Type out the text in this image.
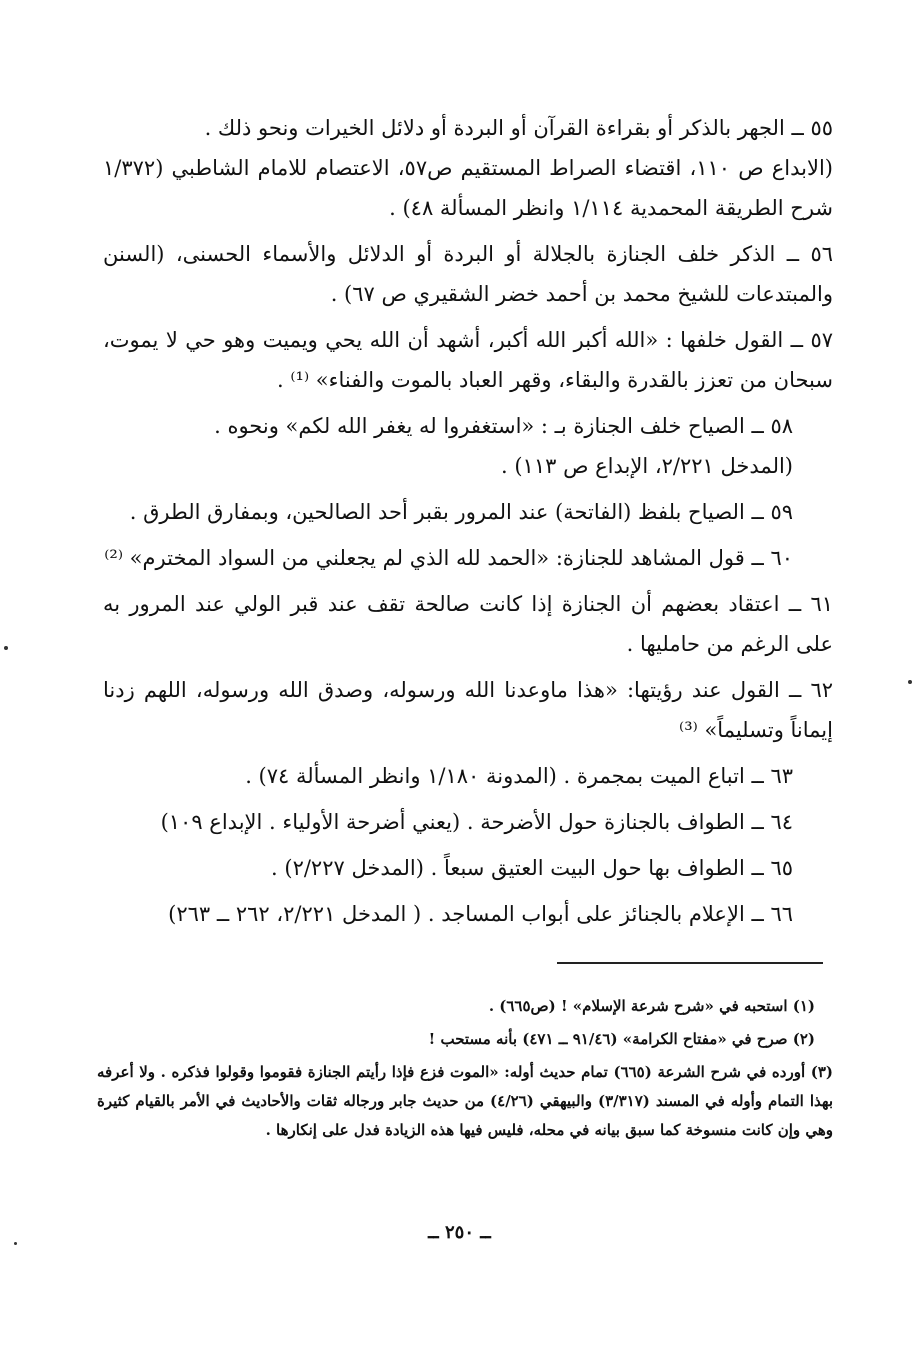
٥٥ ــ الجهر بالذكر أو بقراءة القرآن أو البردة أو دلائل الخيرات ونحو ذلك .
(الابداع ص ١١٠، اقتضاء الصراط المستقيم ص٥٧، الاعتصام للامام الشاطبي (١/٣٧٢ شرح الطريقة المحمدية ١/١١٤ وانظر المسألة ٤٨) .
٥٦ ــ الذكر خلف الجنازة بالجلالة أو البردة أو الدلائل والأسماء الحسنى، (السنن والمبتدعات للشيخ محمد بن أحمد خضر الشقيري ص ٦٧) .
٥٧ ــ القول خلفها : «الله أكبر الله أكبر، أشهد أن الله يحي ويميت وهو حي لا يموت، سبحان من تعزز بالقدرة والبقاء، وقهر العباد بالموت والفناء» ⁽¹⁾ .
٥٨ ــ الصياح خلف الجنازة بـ : «استغفروا له يغفر الله لكم» ونحوه .
(المدخل ٢/٢٢١، الإبداع ص ١١٣) .
٥٩ ــ الصياح بلفظ (الفاتحة) عند المرور بقبر أحد الصالحين، وبمفارق الطرق .
٦٠ ــ قول المشاهد للجنازة: «الحمد لله الذي لم يجعلني من السواد المخترم» ⁽²⁾
٦١ ــ اعتقاد بعضهم أن الجنازة إذا كانت صالحة تقف عند قبر الولي عند المرور به على الرغم من حامليها .
٦٢ ــ القول عند رؤيتها: «هذا ماوعدنا الله ورسوله، وصدق الله ورسوله، اللهم زدنا إيماناً وتسليماً» ⁽³⁾
٦٣ ــ اتباع الميت بمجمرة . (المدونة ١/١٨٠ وانظر المسألة ٧٤) .
٦٤ ــ الطواف بالجنازة حول الأضرحة . (يعني أضرحة الأولياء . الإبداع ١٠٩)
٦٥ ــ الطواف بها حول البيت العتيق سبعاً . (المدخل ٢/٢٢٧) .
٦٦ ــ الإعلام بالجنائز على أبواب المساجد . ( المدخل ٢/٢٢١، ٢٦٢ ــ ٢٦٣)

(١) استحبه في «شرح شرعة الإسلام» ! (ص٦٦٥) .

(٢) صرح في «مفتاح الكرامة» (٩١/٤٦ ــ ٤٧١) بأنه مستحب !

(٣) أورده في شرح الشرعة (٦٦٥) تمام حديث أوله: «الموت فزع فإذا رأيتم الجنازة فقوموا وقولوا فذكره . ولا أعرفه بهذا التمام وأوله في المسند (٣/٣١٧) والبيهقي (٤/٢٦) من حديث جابر ورجاله ثقات والأحاديث في الأمر بالقيام كثيرة وهي وإن كانت منسوخة كما سبق بيانه في محله، فليس فيها هذه الزيادة فدل على إنكارها .

ــ ٢٥٠ ــ
